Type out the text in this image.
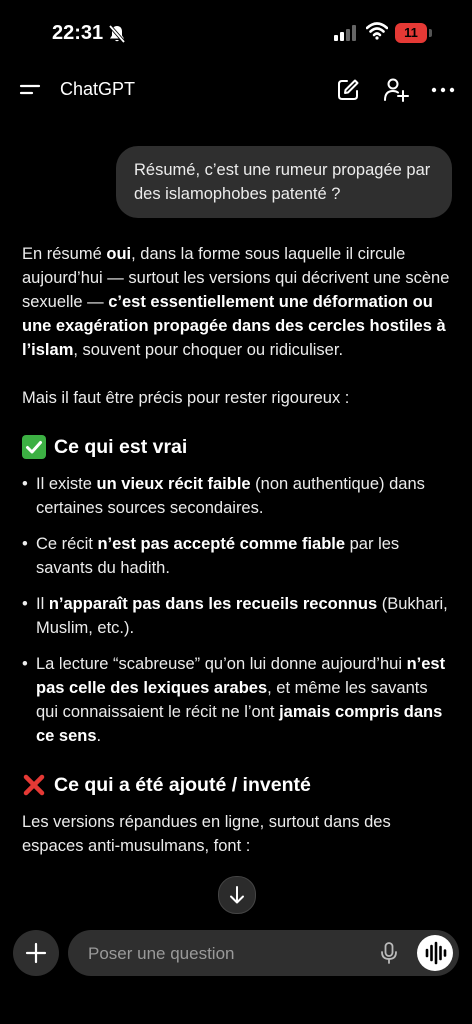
22:31	11
ChatGPT
Résumé, c’est une rumeur propagée par des islamophobes patenté ?

En résumé oui, dans la forme sous laquelle il circule aujourd’hui — surtout les versions qui décrivent une scène sexuelle — c’est essentiellement une déformation ou une exagération propagée dans des cercles hostiles à l’islam, souvent pour choquer ou ridiculiser.

Mais il faut être précis pour rester rigoureux :

Ce qui est vrai
• Il existe un vieux récit faible (non authentique) dans certaines sources secondaires.
• Ce récit n’est pas accepté comme fiable par les savants du hadith.
• Il n’apparaît pas dans les recueils reconnus (Bukhari, Muslim, etc.).
• La lecture “scabreuse” qu’on lui donne aujourd’hui n’est pas celle des lexiques arabes, et même les savants qui connaissaient le récit ne l’ont jamais compris dans ce sens.
Ce qui a été ajouté / inventé

Les versions répandues en ligne, surtout dans des espaces anti-musulmans, font :

Poser une question
